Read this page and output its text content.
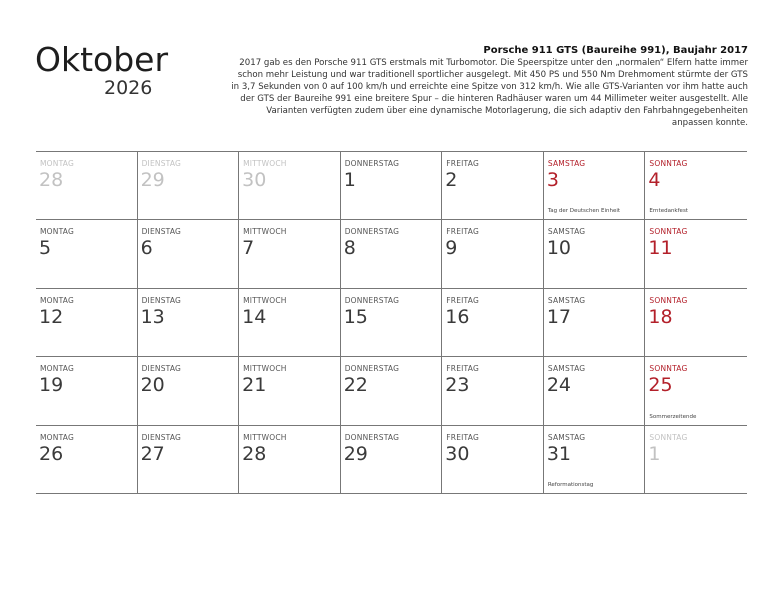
Oktober
2026
Porsche 911 GTS (Baureihe 991), Baujahr 2017
2017 gab es den Porsche 911 GTS erstmals mit Turbomotor. Die Speerspitze unter den „normalen“ Elfern hatte immer schon mehr Leistung und war traditionell sportlicher ausgelegt. Mit 450 PS und 550 Nm Drehmoment stürmte der GTS in 3,7 Sekunden von 0 auf 100 km/h und erreichte eine Spitze von 312 km/h. Wie alle GTS-Varianten vor ihm hatte auch der GTS der Baureihe 991 eine breitere Spur – die hinteren Radhäuser waren um 44 Millimeter weiter ausgestellt. Alle Varianten verfügten zudem über eine dynamische Motorlagerung, die sich adaptiv den Fahrbahngegebenheiten anpassen konnte.
MONTAG
28
DIENSTAG
29
MITTWOCH
30
DONNERSTAG
1
FREITAG
2
SAMSTAG
3
Tag der Deutschen Einheit
SONNTAG
4
Erntedankfest
MONTAG
5
DIENSTAG
6
MITTWOCH
7
DONNERSTAG
8
FREITAG
9
SAMSTAG
10
SONNTAG
11
MONTAG
12
DIENSTAG
13
MITTWOCH
14
DONNERSTAG
15
FREITAG
16
SAMSTAG
17
SONNTAG
18
MONTAG
19
DIENSTAG
20
MITTWOCH
21
DONNERSTAG
22
FREITAG
23
SAMSTAG
24
SONNTAG
25
Sommerzeitende
MONTAG
26
DIENSTAG
27
MITTWOCH
28
DONNERSTAG
29
FREITAG
30
SAMSTAG
31
Reformationstag
SONNTAG
1
